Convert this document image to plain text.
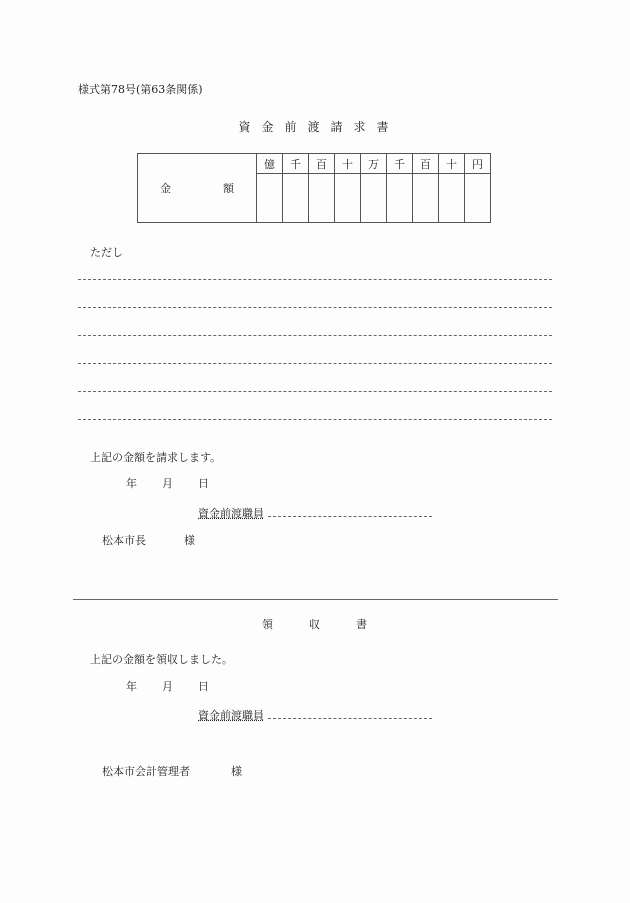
様式第78号(第63条関係)
資金前渡請求書
金 額	億	千	百	十	万	千	百	十	円

ただし
上記の金額を請求します。
年 月 日
資金前渡職員
松本市長	様
領	収	書
上記の金額を領収しました。
年 月 日
資金前渡職員
松本市会計管理者	様
